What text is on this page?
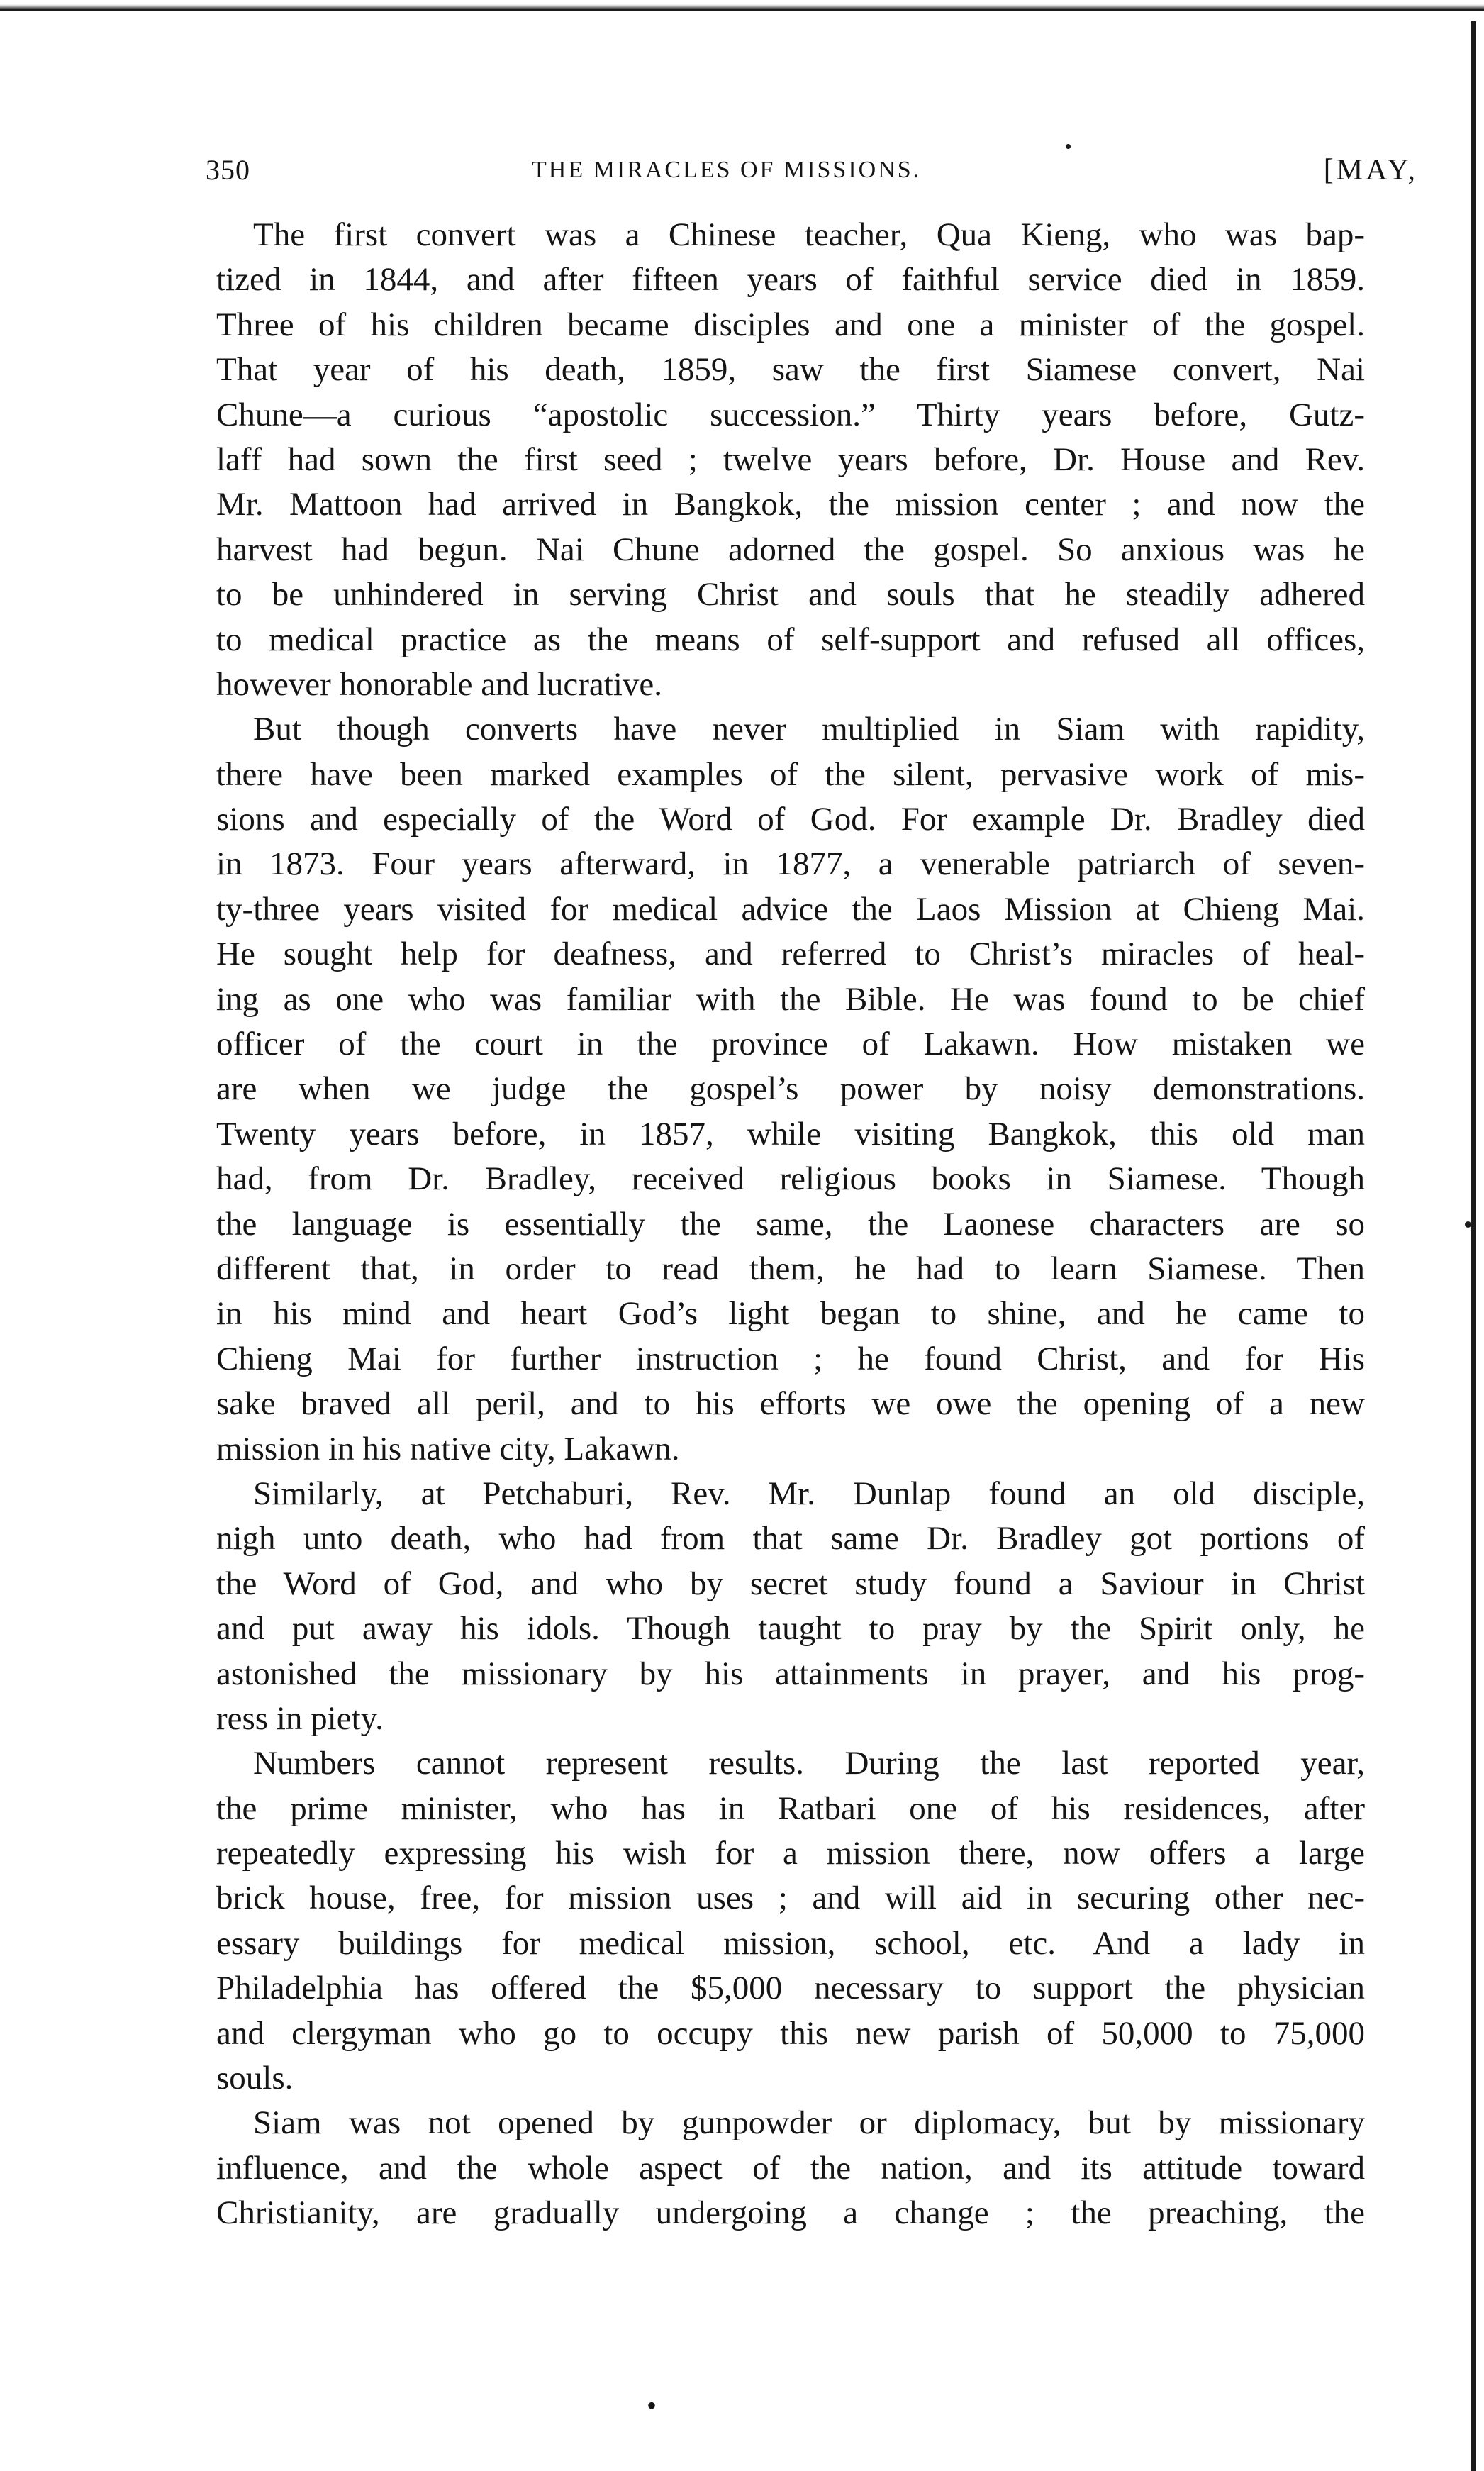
350	THE MIRACLES OF MISSIONS.	[MAY,
The first convert was a Chinese teacher, Qua Kieng, who was bap-
tized in 1844, and after fifteen years of faithful service died in 1859.
Three of his children became disciples and one a minister of the gospel.
That year of his death, 1859, saw the first Siamese convert, Nai
Chune—a curious “apostolic succession.” Thirty years before, Gutz-
laff had sown the first seed ; twelve years before, Dr. House and Rev.
Mr. Mattoon had arrived in Bangkok, the mission center ; and now the
harvest had begun. Nai Chune adorned the gospel. So anxious was he
to be unhindered in serving Christ and souls that he steadily adhered
to medical practice as the means of self-support and refused all offices,
however honorable and lucrative.
But though converts have never multiplied in Siam with rapidity,
there have been marked examples of the silent, pervasive work of mis-
sions and especially of the Word of God. For example Dr. Bradley died
in 1873. Four years afterward, in 1877, a venerable patriarch of seven-
ty-three years visited for medical advice the Laos Mission at Chieng Mai.
He sought help for deafness, and referred to Christ’s miracles of heal-
ing as one who was familiar with the Bible. He was found to be chief
officer of the court in the province of Lakawn. How mistaken we
are when we judge the gospel’s power by noisy demonstrations.
Twenty years before, in 1857, while visiting Bangkok, this old man
had, from Dr. Bradley, received religious books in Siamese. Though
the language is essentially the same, the Laonese characters are so
different that, in order to read them, he had to learn Siamese. Then
in his mind and heart God’s light began to shine, and he came to
Chieng Mai for further instruction ; he found Christ, and for His
sake braved all peril, and to his efforts we owe the opening of a new
mission in his native city, Lakawn.
Similarly, at Petchaburi, Rev. Mr. Dunlap found an old disciple,
nigh unto death, who had from that same Dr. Bradley got portions of
the Word of God, and who by secret study found a Saviour in Christ
and put away his idols. Though taught to pray by the Spirit only, he
astonished the missionary by his attainments in prayer, and his prog-
ress in piety.
Numbers cannot represent results. During the last reported year,
the prime minister, who has in Ratbari one of his residences, after
repeatedly expressing his wish for a mission there, now offers a large
brick house, free, for mission uses ; and will aid in securing other nec-
essary buildings for medical mission, school, etc. And a lady in
Philadelphia has offered the $5,000 necessary to support the physician
and clergyman who go to occupy this new parish of 50,000 to 75,000
souls.
Siam was not opened by gunpowder or diplomacy, but by missionary
influence, and the whole aspect of the nation, and its attitude toward
Christianity, are gradually undergoing a change ; the preaching, the
•
